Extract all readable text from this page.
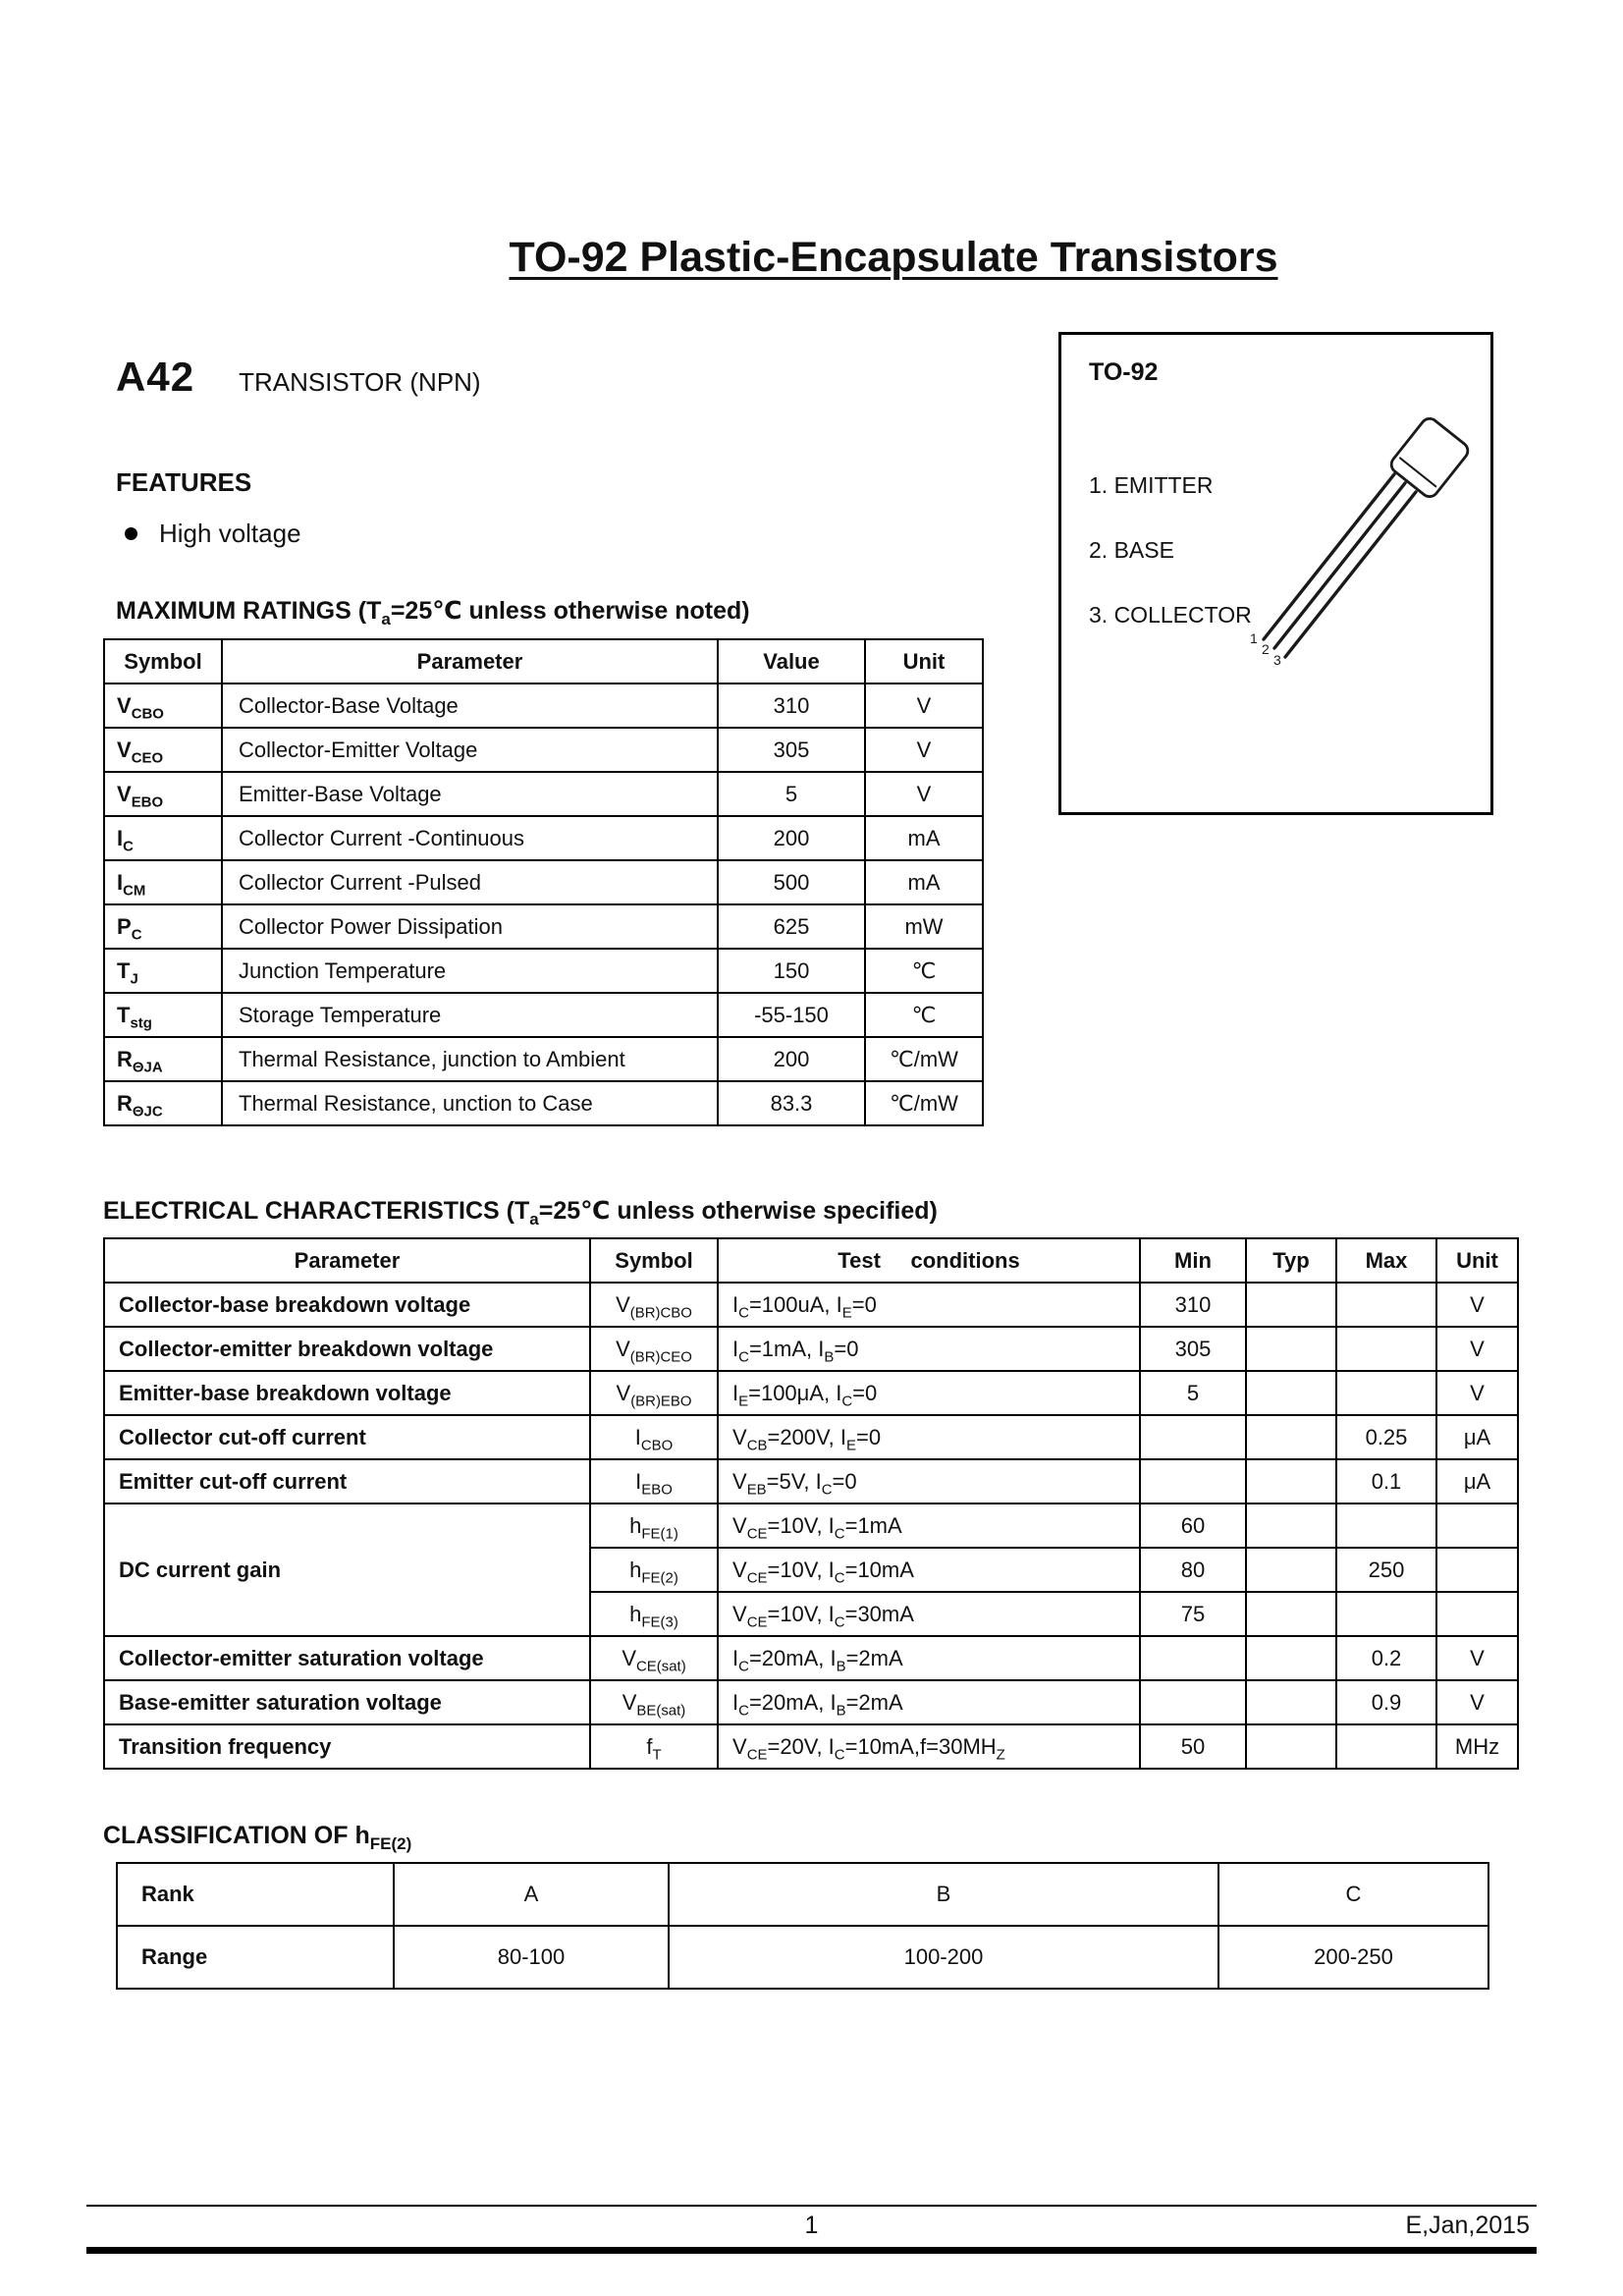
TO-92 Plastic-Encapsulate Transistors
A42 TRANSISTOR (NPN)	TO-92
1. EMITTER
2. BASE
3. COLLECTOR
1
2
3
FEATURES
High voltage
MAXIMUM RATINGS ($T_a=25℃$ unless otherwise noted)
Symbol	Parameter	Value	Unit
$V_{CBO}$	Collector-Base Voltage	310	V
$V_{CEO}$	Collector-Emitter Voltage	305	V
$V_{EBO}$	Emitter-Base Voltage	5	V
$I_C$	Collector Current -Continuous	200	mA
$I_{CM}$	Collector Current -Pulsed	500	mA
$P_C$	Collector Power Dissipation	625	mW
$T_J$	Junction Temperature	150	℃
$T_{stg}$	Storage Temperature	-55-150	℃
$R_{\Theta JA}$	Thermal Resistance, junction to Ambient	200	℃/mW
$R_{\Theta JC}$	Thermal Resistance, unction to Case	83.3	℃/mW
ELECTRICAL CHARACTERISTICS ($T_a=25℃$ unless otherwise specified)
Parameter	Symbol	Test     conditions	Min	Typ	Max	Unit
Collector-base breakdown voltage	$V_{(BR)CBO}$	$I_C=100uA$, $I_E=0$	310			V
Collector-emitter breakdown voltage	$V_{(BR)CEO}$	$I_C=1mA$, $I_B=0$	305			V
Emitter-base breakdown voltage	$V_{(BR)EBO}$	$I_E=100\mu A$, $I_C=0$	5			V
Collector cut-off current	$I_{CBO}$	$V_{CB}=200V$, $I_E=0$			0.25	μA
Emitter cut-off current	$I_{EBO}$	$V_{EB}=5V$, $I_C=0$			0.1	μA
DC current gain	$h_{FE(1)}$	$V_{CE}=10V$, $I_C=1mA$	60			
	$h_{FE(2)}$	$V_{CE}=10V$, $I_C=10mA$	80		250	
	$h_{FE(3)}$	$V_{CE}=10V$, $I_C=30mA$	75			
Collector-emitter saturation voltage	$V_{CE(sat)}$	$I_C=20mA$, $I_B=2mA$			0.2	V
Base-emitter saturation voltage	$V_{BE(sat)}$	$I_C=20mA$, $I_B=2mA$			0.9	V
Transition frequency	$f_T$	$V_{CE}=20V$, $I_C=10mA,f=30MH_Z$	50			MHz
CLASSIFICATION OF $h_{FE(2)}$
Rank	A	B	C
Range	80-100	100-200	200-250
1	E,Jan,2015
